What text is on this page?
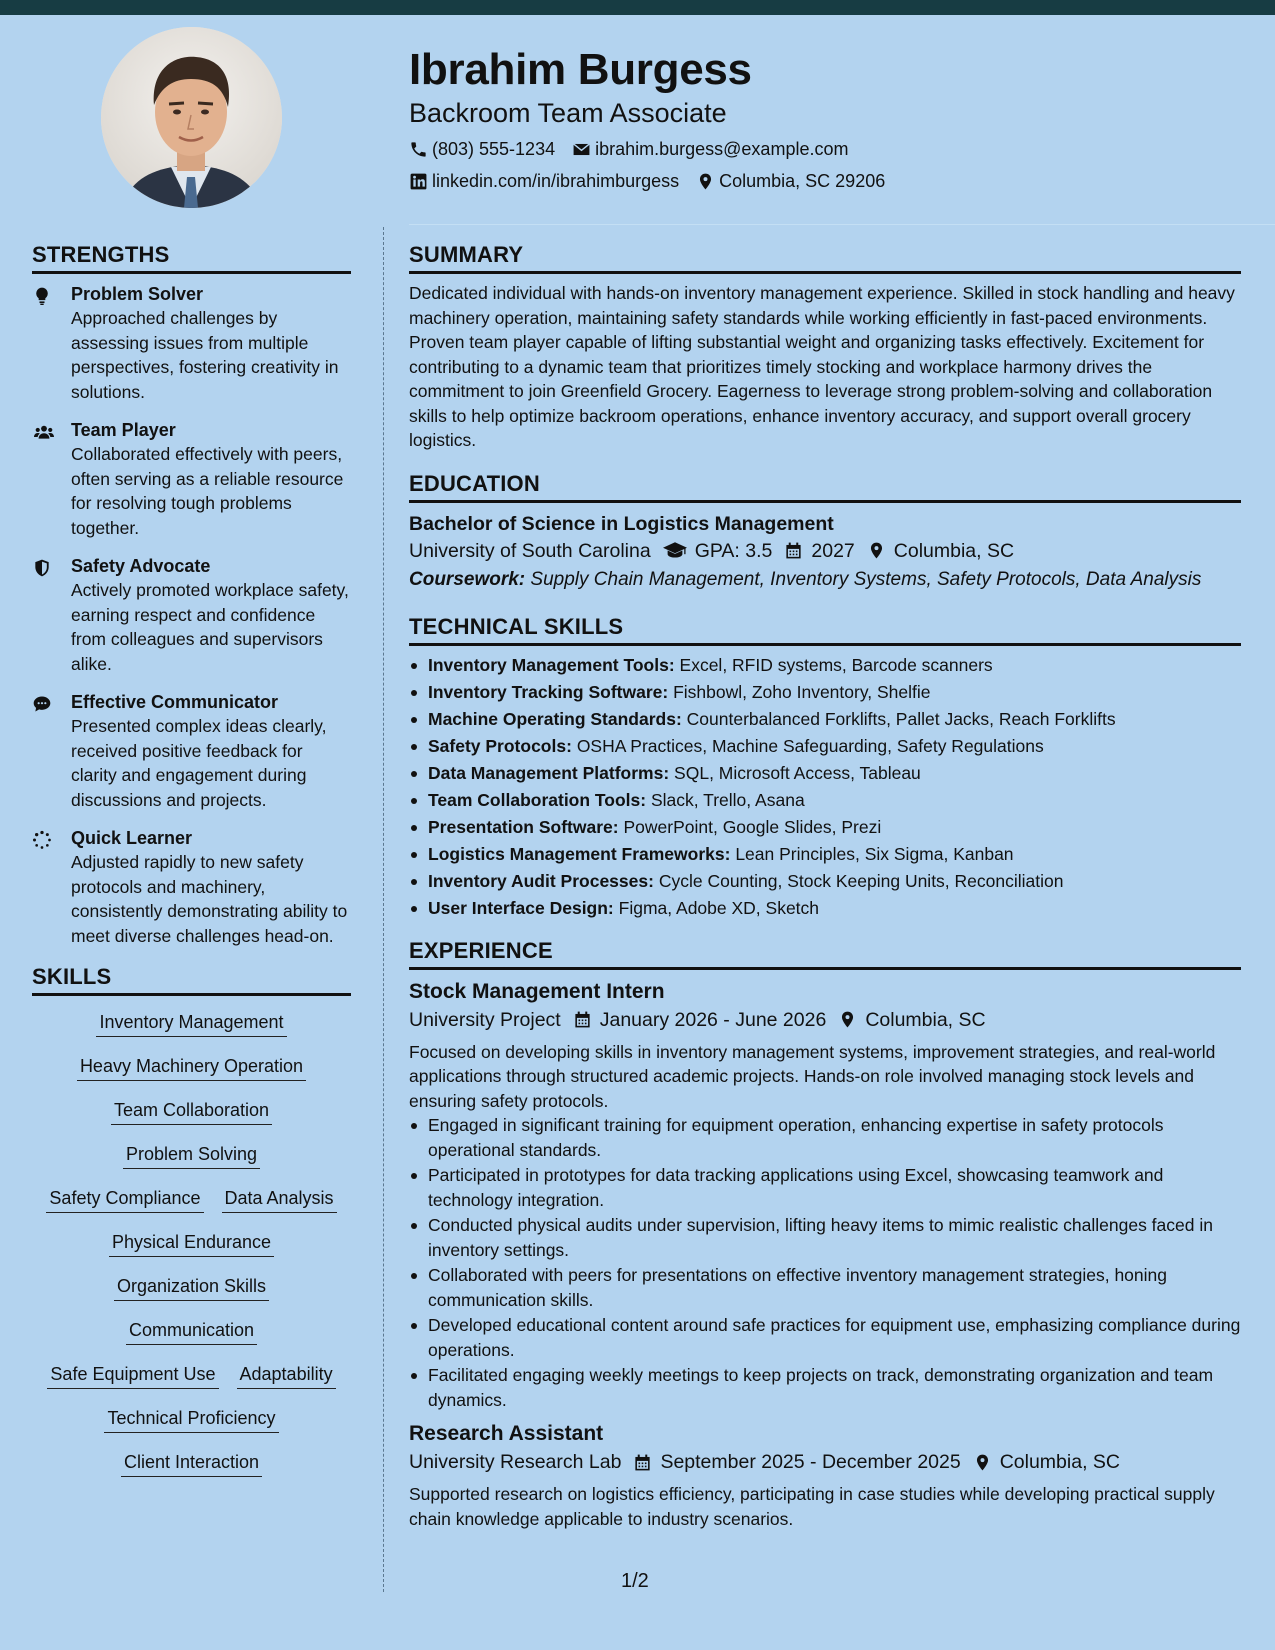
Ibrahim Burgess
Backroom Team Associate
(803) 555-1234 ibrahim.burgess@example.com
linkedin.com/in/ibrahimburgess Columbia, SC 29206
STRENGTHS
Problem Solver
Approached challenges by assessing issues from multiple perspectives, fostering creativity in solutions.
Team Player
Collaborated effectively with peers, often serving as a reliable resource for resolving tough problems together.
Safety Advocate
Actively promoted workplace safety, earning respect and confidence from colleagues and supervisors alike.
Effective Communicator
Presented complex ideas clearly, received positive feedback for clarity and engagement during discussions and projects.
Quick Learner
Adjusted rapidly to new safety protocols and machinery, consistently demonstrating ability to meet diverse challenges head-on.
SKILLS
Inventory Management
Heavy Machinery Operation
Team Collaboration
Problem Solving
Safety Compliance Data Analysis
Physical Endurance
Organization Skills
Communication
Safe Equipment Use Adaptability
Technical Proficiency
Client Interaction
SUMMARY

Dedicated individual with hands-on inventory management experience. Skilled in stock handling and heavy machinery operation, maintaining safety standards while working efficiently in fast-paced environments. Proven team player capable of lifting substantial weight and organizing tasks effectively. Excitement for contributing to a dynamic team that prioritizes timely stocking and workplace harmony drives the commitment to join Greenfield Grocery. Eagerness to leverage strong problem-solving and collaboration skills to help optimize backroom operations, enhance inventory accuracy, and support overall grocery logistics.

EDUCATION
Bachelor of Science in Logistics Management
University of South Carolina GPA: 3.5 2027 Columbia, SC
Coursework: Supply Chain Management, Inventory Systems, Safety Protocols, Data Analysis
TECHNICAL SKILLS
Inventory Management Tools: Excel, RFID systems, Barcode scanners
Inventory Tracking Software: Fishbowl, Zoho Inventory, Shelfie
Machine Operating Standards: Counterbalanced Forklifts, Pallet Jacks, Reach Forklifts
Safety Protocols: OSHA Practices, Machine Safeguarding, Safety Regulations
Data Management Platforms: SQL, Microsoft Access, Tableau
Team Collaboration Tools: Slack, Trello, Asana
Presentation Software: PowerPoint, Google Slides, Prezi
Logistics Management Frameworks: Lean Principles, Six Sigma, Kanban
Inventory Audit Processes: Cycle Counting, Stock Keeping Units, Reconciliation
User Interface Design: Figma, Adobe XD, Sketch
EXPERIENCE
Stock Management Intern
University Project January 2026 - June 2026 Columbia, SC

Focused on developing skills in inventory management systems, improvement strategies, and real-world applications through structured academic projects. Hands-on role involved managing stock levels and ensuring safety protocols.

Engaged in significant training for equipment operation, enhancing expertise in safety protocols operational standards.
Participated in prototypes for data tracking applications using Excel, showcasing teamwork and technology integration.
Conducted physical audits under supervision, lifting heavy items to mimic realistic challenges faced in inventory settings.
Collaborated with peers for presentations on effective inventory management strategies, honing communication skills.
Developed educational content around safe practices for equipment use, emphasizing compliance during operations.
Facilitated engaging weekly meetings to keep projects on track, demonstrating organization and team dynamics.
Research Assistant
University Research Lab September 2025 - December 2025 Columbia, SC

Supported research on logistics efficiency, participating in case studies while developing practical supply chain knowledge applicable to industry scenarios.

1/2
